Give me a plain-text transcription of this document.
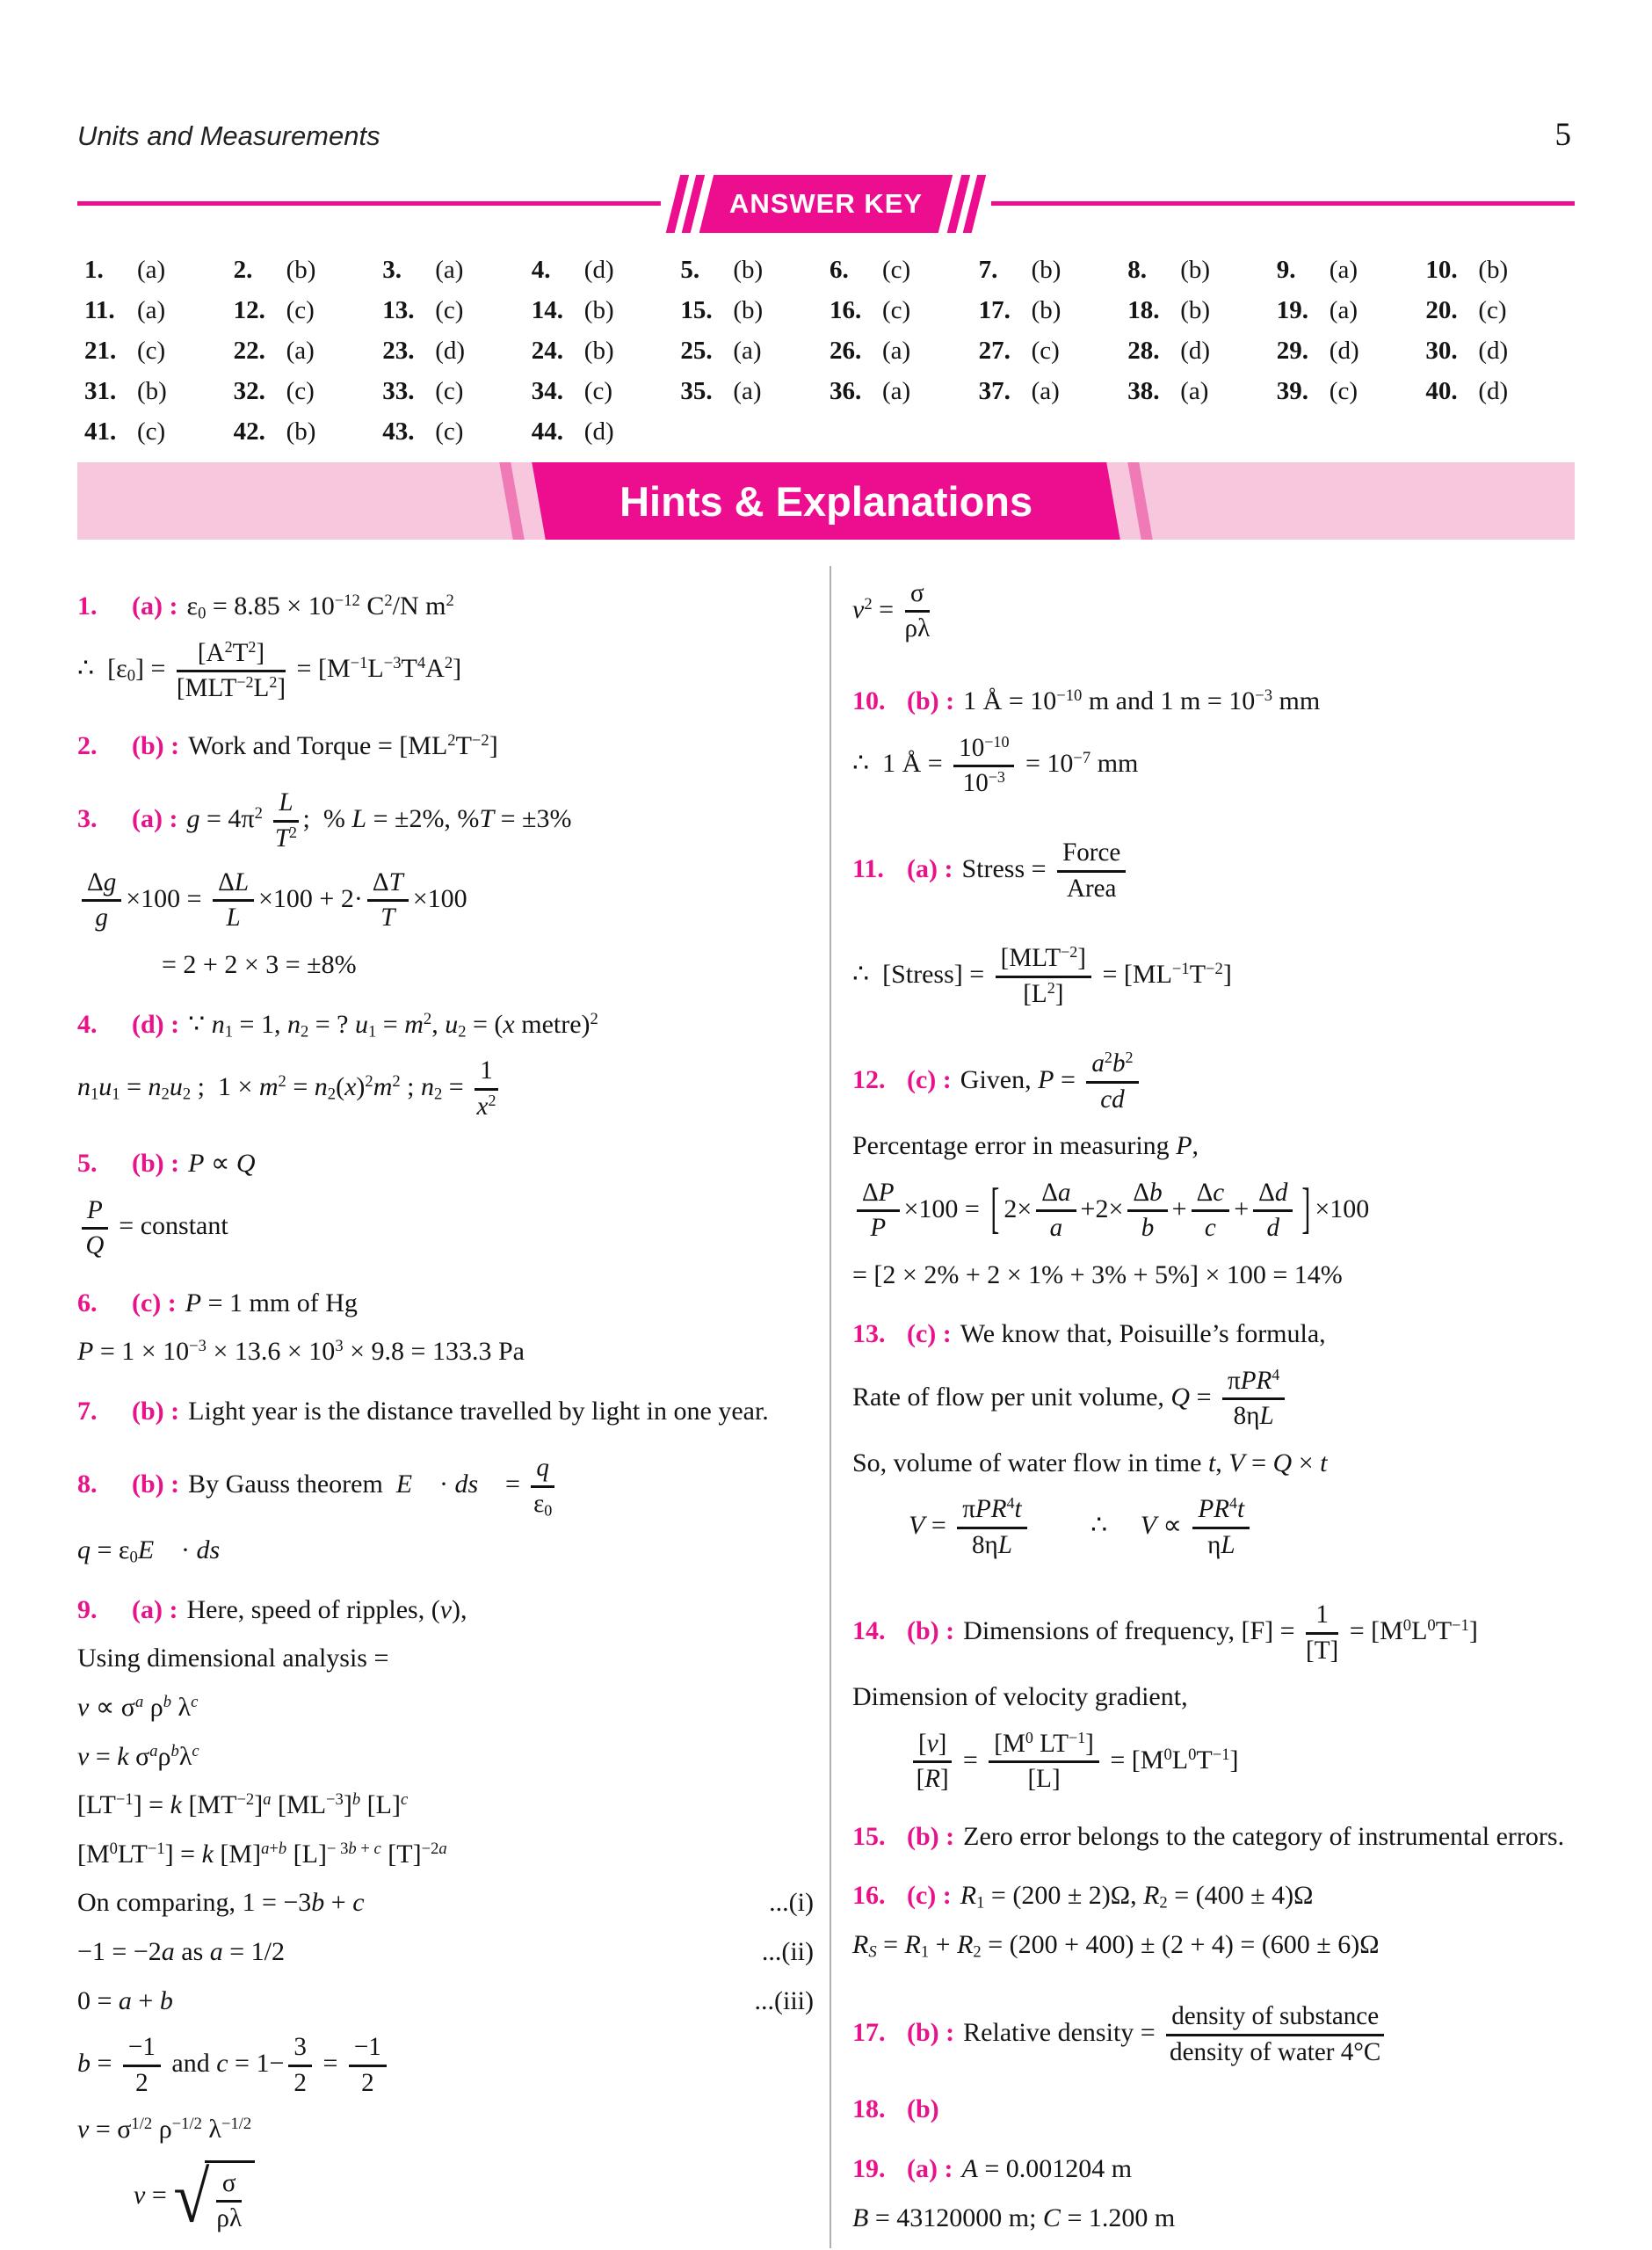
Units and Measurements	5
ANSWER KEY
1. (a)	2. (b)	3. (a)	4. (d)	5. (b)	6. (c)	7. (b)	8. (b)	9. (a)	10. (b)
11. (a)	12. (c)	13. (c)	14. (b)	15. (b)	16. (c)	17. (b)	18. (b)	19. (a)	20. (c)
21. (c)	22. (a)	23. (d)	24. (b)	25. (a)	26. (a)	27. (c)	28. (d)	29. (d)	30. (d)
31. (b)	32. (c)	33. (c)	34. (c)	35. (a)	36. (a)	37. (a)	38. (a)	39. (c)	40. (d)
41. (c)	42. (b)	43. (c)	44. (d)
Hints & Explanations
1. (a) : $\varepsilon_0 = 8.85 \times 10^{-12}$ $C^2/N$ $m^2$
∴  $[\varepsilon_0]$ =
$[A^2T^2]$
$[MLT^{-2}L^2]$
= $[M^{-1}L^{-3}T^4A^2]$
2. (b) : Work and Torque = $[ML^2T^{-2}]$
3. (a) : $g = 4\pi^2 \frac{L}{T^2}$ ;  % L = ±2%, %T = ±3%
$\frac{\Delta g}{g} \times 100 = \frac{\Delta L}{L} \times 100 + 2\cdot \frac{\Delta T}{T} \times 100$
= 2 + 2 × 3 = ±8%
4. (d) : ∵ $n_1 = 1$, $n_2$ = ? $u_1 = m^2$, $u_2 = (x$ metre)$^2$
$n_1u_1 = n_2u_2$ ;  $1 \times m^2 = n_2(x)^2m^2$ ; $n_2 = \frac{1}{x^2}$
5. (b) : P ∝ Q
$\frac{P}{Q}$ = constant
6. (c) : P = 1 mm of Hg
$P = 1 \times 10^{-3} \times 13.6 \times 10^3 \times 9.8 = 133.3$ Pa
7. (b) : Light year is the distance travelled by light in one year.
8. (b) : By Gauss theorem  E⃗ · ds⃗ = $\frac{q}{\varepsilon_0}$
$q = \varepsilon_0E⃗$ · ds⃗
9. (a) : Here, speed of ripples, (v),
Using dimensional analysis =
$v \propto \sigma^a$ $\rho^b$ $\lambda^c$
v = k $\sigma^a\rho^b\lambda^c$
$[LT^{-1}] = k$ $[MT^{-2}]^a$ $[ML^{-3}]^b$ $[L]^c$
$[M^0LT^{-1}] = k$ $[M]^{a+b}$ $[L]^{- 3b + c}$ $[T]^{-2a}$
On comparing, 1 = −3b + c	...(i)
−1 = −2a as a = 1/2	...(ii)
0 = a + b	...(iii)
$b = \frac{-1}{2}$ and $c = 1- \frac{3}{2} = \frac{-1}{2}$
$v = \sigma^{1/2}$ $\rho^{-1/2}$ $\lambda^{-1/2}$
v = √ $\frac{\sigma}{\rho\lambda}$
$v^2 = \frac{\sigma}{\rho\lambda}$
10. (b) : 1 Å = $10^{-10}$ m and 1 $m = 10^{-3}$ mm
∴  1 Å = $\frac{10^{-10}}{10^{-3}} = 10^{-7}$ mm
11. (a) : Stress =
Force
Area
∴  [Stress] =
$[MLT^{-2}]$
$[L^2]$
= $[ML^{-1}T^{-2}]$
12. (c) : Given, $P = \frac{a^2b^2}{cd}$
Percentage error in measuring P,
$\frac{\Delta P}{P} \times 100$ = [ $2\times \frac{\Delta a}{a} +2\times \frac{\Delta b}{b} + \frac{\Delta c}{c} + \frac{\Delta d}{d}$ ] ×100
= [2 × 2% + 2 × 1% + 3% + 5%] × 100 = 14%
13. (c) : We know that, Poisuille’s formula,
Rate of flow per unit volume, Q =
πPR$^4$
8ηL
So, volume of water flow in time t, V = Q × t
V =
πPR$^4$t
8ηL
  ∴  $V \propto \frac{PR^4t}{\eta L}$
14. (b) : Dimensions of frequency, $[F] = \frac{1}{[T]} = [M^0L^0T^{-1}]$
Dimension of velocity gradient,
$\frac{[v]}{[R]} = \frac{[M^0 LT^{-1}]}{[L]} = [M^0L^0T^{-1}]$
15. (b) : Zero error belongs to the category of instrumental errors.
16. (c) : $R_1 = (200 \pm 2)\Omega$, $R_2 = (400 \pm 4)\Omega$
$R_S = R_1 + R_2 = (200 + 400) \pm (2 + 4) = (600 \pm 6)\Omega$
17. (b) : Relative density =
density of substance
density of water 4°C
18. (b)
19. (a) : A = 0.001204 m
B = 43120000 m; C = 1.200 m
